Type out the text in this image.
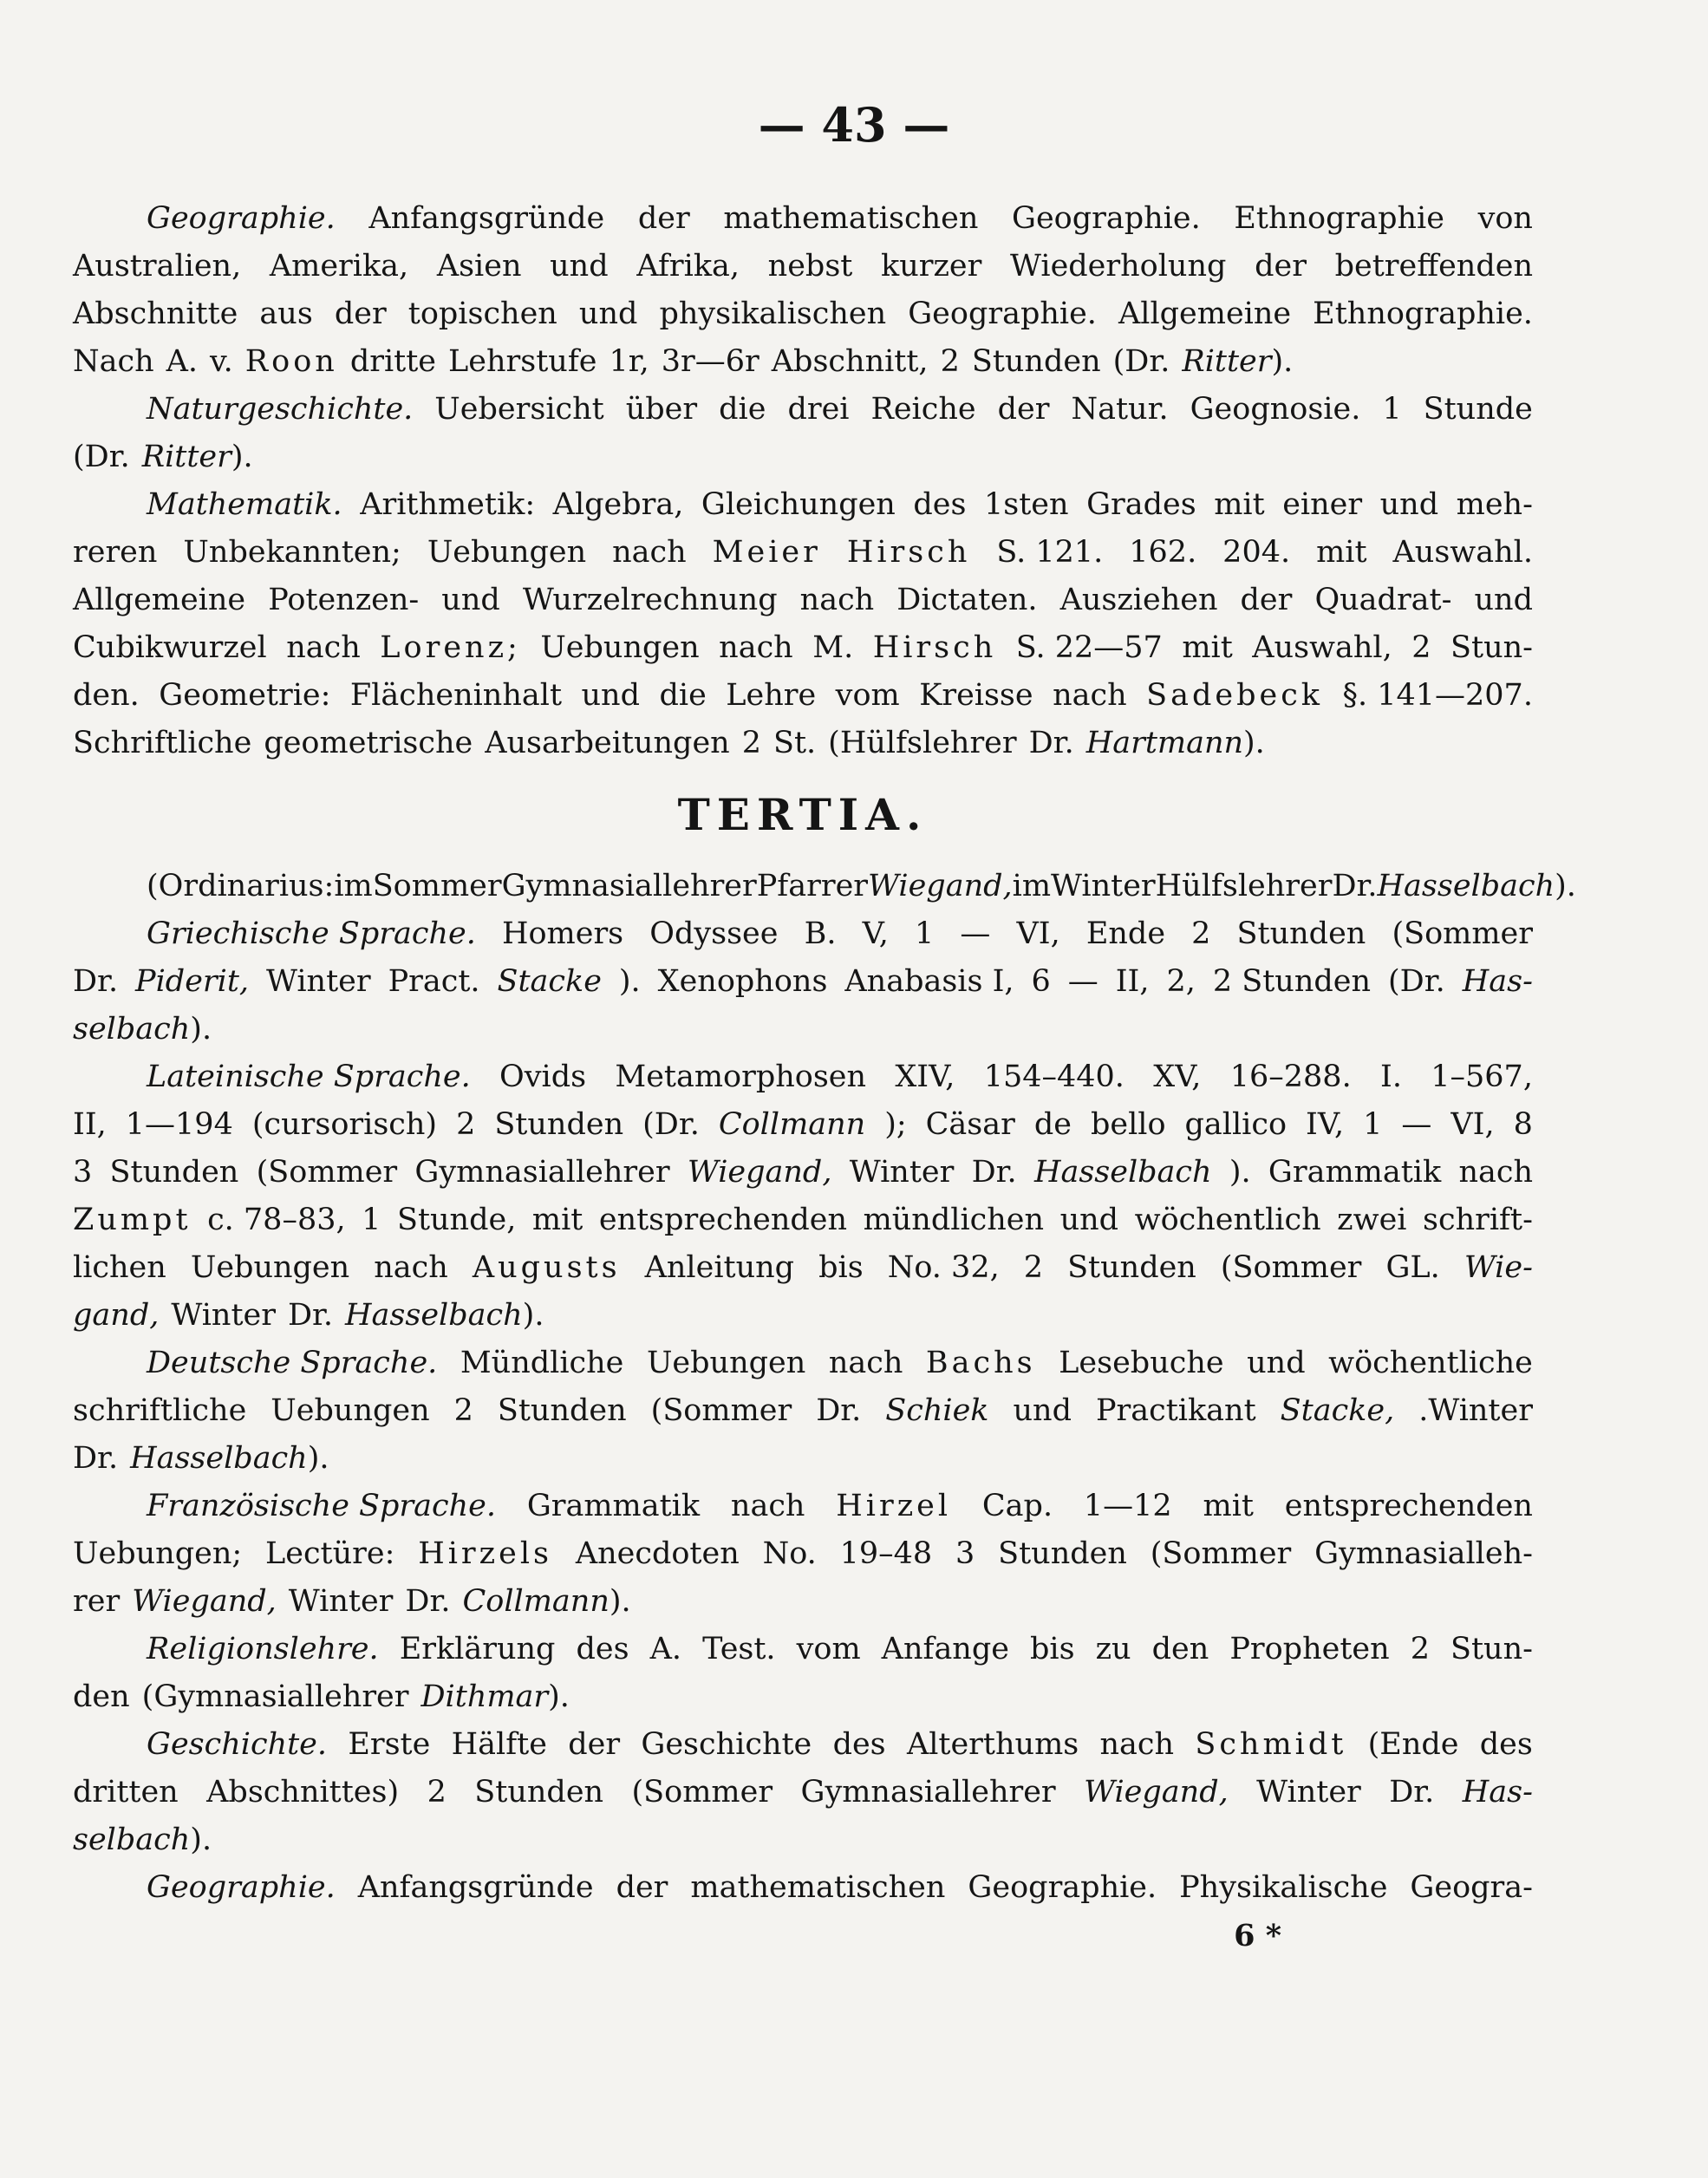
— 43 —
Geographie. Anfangsgründe der mathematischen Geographie. Ethnographie von
Australien, Amerika, Asien und Afrika, nebst kurzer Wiederholung der betreffenden
Abschnitte aus der topischen und physikalischen Geographie. Allgemeine Ethnographie.
Nach A. v. Roon dritte Lehrstufe 1r, 3r—6r Abschnitt, 2 Stunden (Dr. Ritter ).
Naturgeschichte. Uebersicht über die drei Reiche der Natur. Geognosie. 1 Stunde
(Dr. Ritter ).
Mathematik. Arithmetik: Algebra, Gleichungen des 1sten Grades mit einer und meh-
reren Unbekannten; Uebungen nach Meier Hirsch S. 121. 162. 204. mit Auswahl.
Allgemeine Potenzen- und Wurzelrechnung nach Dictaten. Ausziehen der Quadrat- und
Cubikwurzel nach Lorenz; Uebungen nach M. Hirsch S. 22—57 mit Auswahl, 2 Stun-
den. Geometrie: Flächeninhalt und die Lehre vom Kreisse nach Sadebeck §. 141—207.
Schriftliche geometrische Ausarbeitungen 2 St. (Hülfslehrer Dr. Hartmann ).
TERTIA.
(Ordinarius: im Sommer Gymnasiallehrer Pfarrer Wiegand, im Winter Hülfslehrer Dr. Hasselbach ).
Griechische Sprache. Homers Odyssee B. V, 1 — VI, Ende 2 Stunden (Sommer
Dr. Piderit, Winter Pract. Stacke ). Xenophons Anabasis I, 6 — II, 2, 2 Stunden (Dr. Has-
selbach ).
Lateinische Sprache. Ovids Metamorphosen XIV, 154–440. XV, 16–288. I. 1–567,
II, 1—194 (cursorisch) 2 Stunden (Dr. Collmann ); Cäsar de bello gallico IV, 1 — VI, 8
3 Stunden (Sommer Gymnasiallehrer Wiegand, Winter Dr. Hasselbach ). Grammatik nach
Zumpt c. 78–83, 1 Stunde, mit entsprechenden mündlichen und wöchentlich zwei schrift-
lichen Uebungen nach Augusts Anleitung bis No. 32, 2 Stunden (Sommer GL. Wie-
gand, Winter Dr. Hasselbach ).
Deutsche Sprache. Mündliche Uebungen nach Bachs Lesebuche und wöchentliche
schriftliche Uebungen 2 Stunden (Sommer Dr. Schiek und Practikant Stacke, .Winter
Dr. Hasselbach ).
Französische Sprache. Grammatik nach Hirzel Cap. 1—12 mit entsprechenden
Uebungen; Lectüre: Hirzels Anecdoten No. 19–48 3 Stunden (Sommer Gymnasialleh-
rer Wiegand, Winter Dr. Collmann ).
Religionslehre. Erklärung des A. Test. vom Anfange bis zu den Propheten 2 Stun-
den (Gymnasiallehrer Dithmar ).
Geschichte. Erste Hälfte der Geschichte des Alterthums nach Schmidt (Ende des
dritten Abschnittes) 2 Stunden (Sommer Gymnasiallehrer Wiegand, Winter Dr. Has-
selbach ).
Geographie. Anfangsgründe der mathematischen Geographie. Physikalische Geogra-
6 *
